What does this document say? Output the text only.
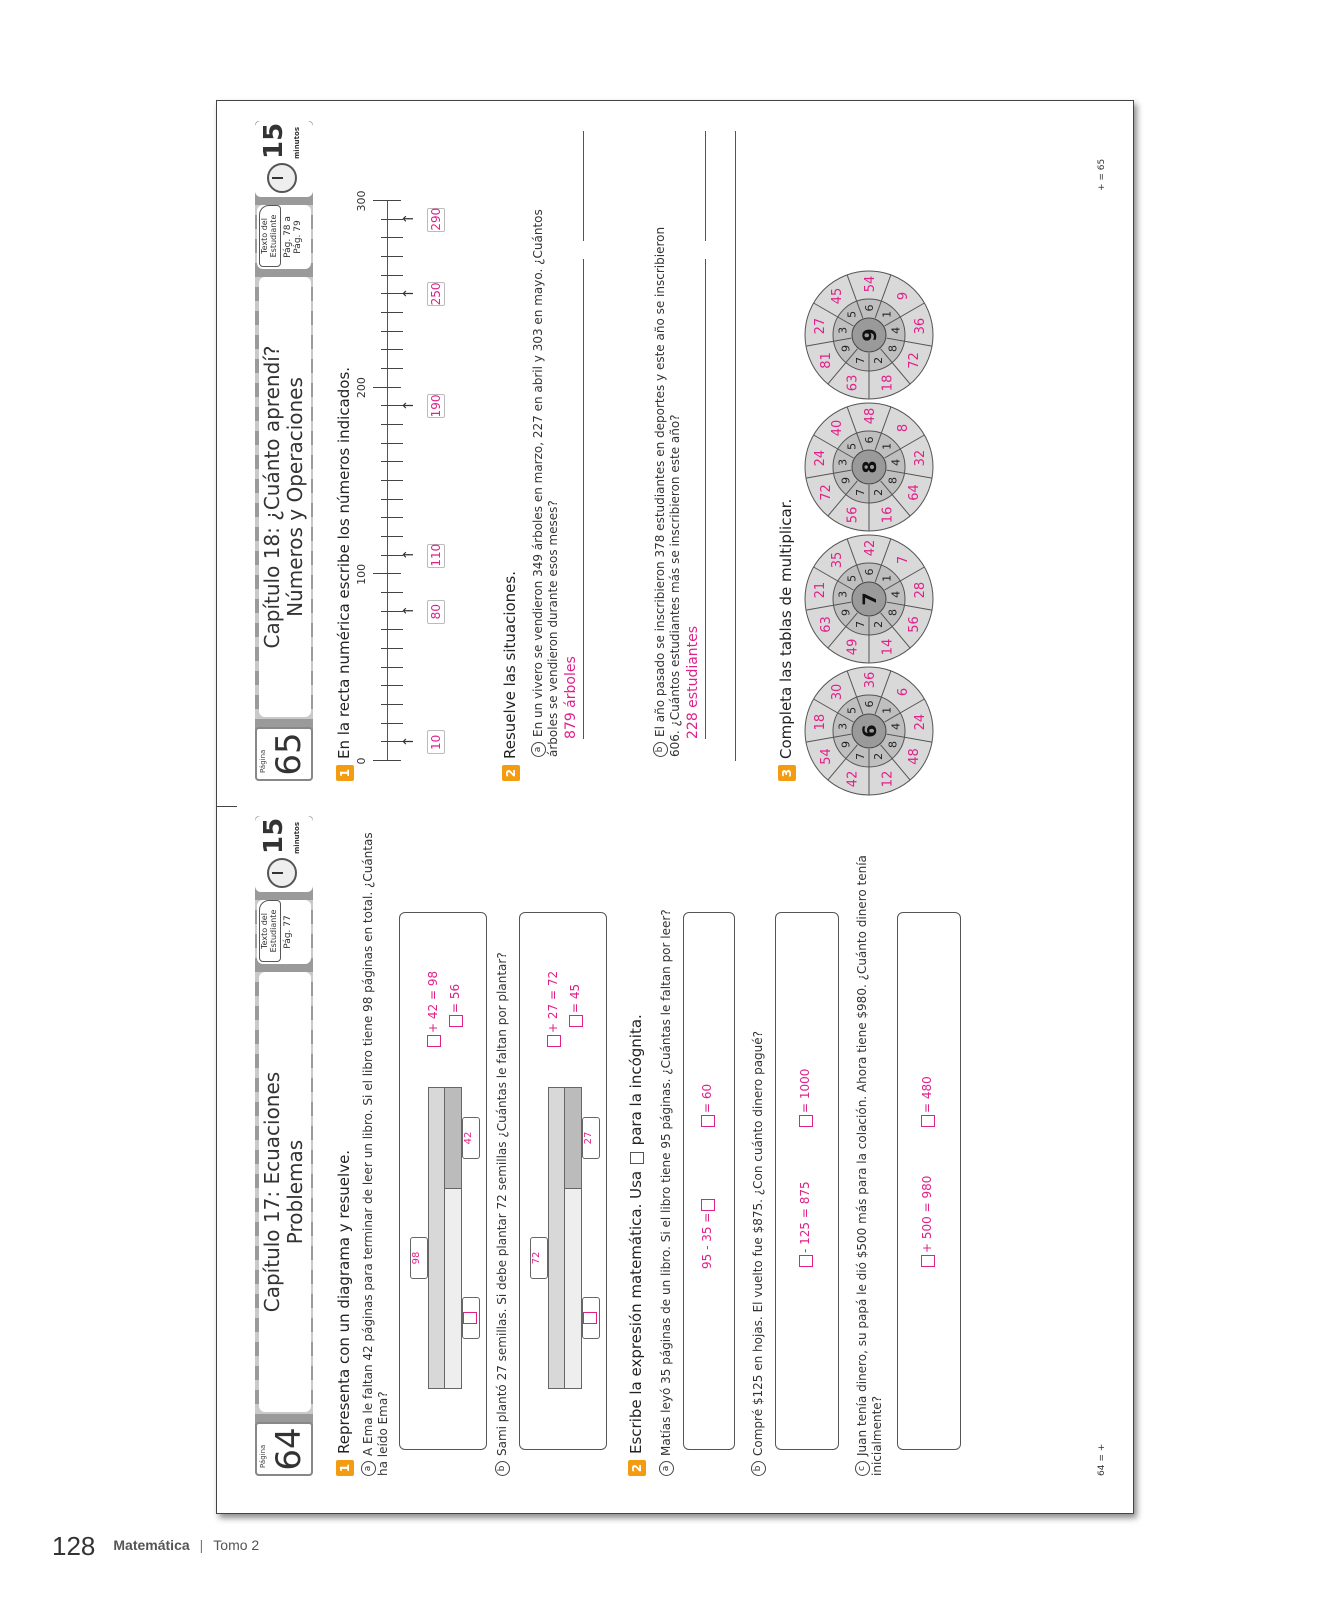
Página 64
Capítulo 17: Ecuaciones Problemas
Texto del Estudiante Pág. 77
15 minutos
1Representa con un diagrama y resuelve.
aA Ema le faltan 42 páginas para terminar de leer un libro. Si el libro tiene 98 páginas en total. ¿Cuántas ha leído Ema?
98
42
+ 42 = 98 = 56
bSami plantó 27 semillas. Si debe plantar 72 semillas ¿Cuántas le faltan por plantar? 72
27
+ 27 = 72 = 45
2Escribe la expresión matemática. Usa  para la incógnita.
aMatías leyó 35 páginas de un libro. Si el libro tiene 95 páginas. ¿Cuántas le faltan por leer? 95 - 35 =
= 60
bCompré $125 en hojas. El vuelto fue $875. ¿Con cuánto dinero pagué?	- 125 = 875
= 1000
cJuan tenía dinero, su papá le dió $500 más para la colación. Ahora tiene $980. ¿Cuánto dinero tenía inicialmente?
+ 500 = 980
= 480
64 = +
Página 65
Capítulo 18: ¿Cuánto aprendí? Números y Operaciones
Texto del Estudiante Pág. 78 a Pág. 79
15 minutos
1En la recta numérica escribe los números indicados.
0
100
200
300
↑ 10
↑ 80
↑ 110
↑ 190
↑ 250
↑ 290
2Resuelve las situaciones. aEn un vivero se vendieron 349 árboles en marzo, 227 en abril y 303 en mayo. ¿Cuántos árboles se vendieron durante esos meses? 879 árboles
bEl año pasado se inscribieron 378 estudiantes en deportes y este año se inscribieron 606. ¿Cuántos estudiantes más se inscribieron este año? 228 estudiantes
3Completa las tablas de multiplicar.	7
42
9
54
3
18
5
30
6
36
1
6
4 24
8
48
2
12
6
7
49
9
63
3
21
5
35
6
42
1
7
4 28
8
56
2
14
7
7
56
9
72
3
24
5
40
6
48
1
8
4 32
8
64
2
16
8
7
63
9
81
3
27
5
45
6
54
1
9
4 36
8
72
2
18
9
+ = 65
128 Matemática | Tomo 2
